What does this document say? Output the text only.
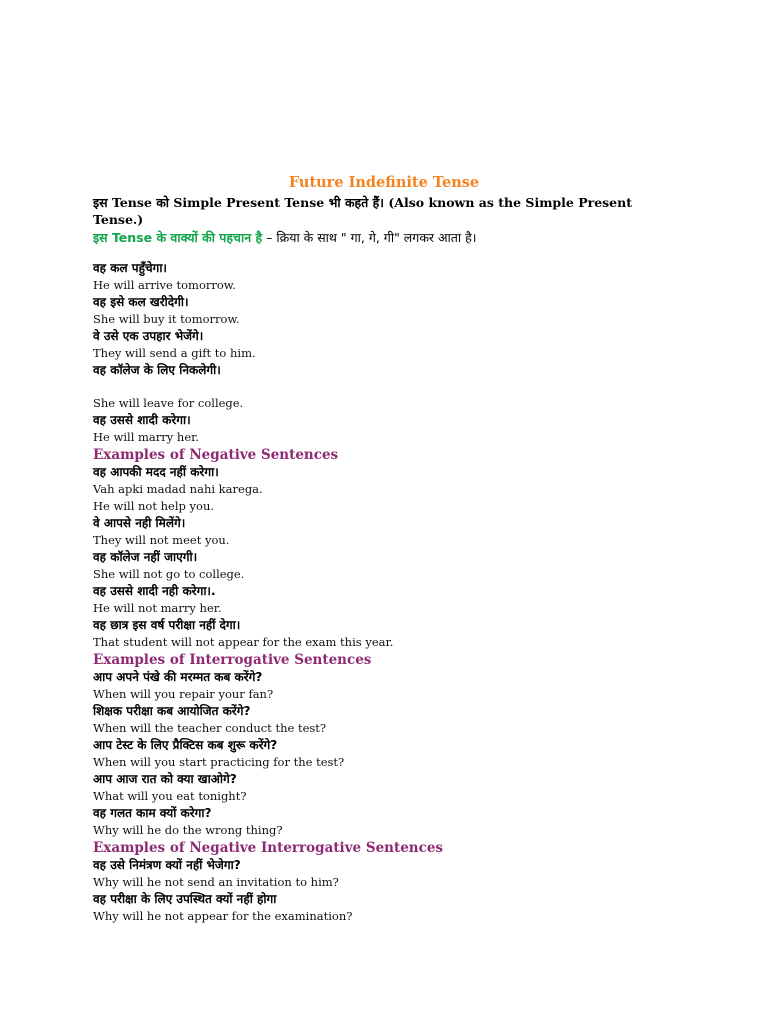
Future Indefinite Tense
इस Tense को Simple Present Tense भी कहते हैं। (Also known as the Simple Present Tense.)
इस Tense के वाक्यों की पहचान है – क्रिया के साथ " गा, गे, गी" लगकर आता है।
वह कल पहुँचेगा।
He will arrive tomorrow.
वह इसे कल खरीदेगी।
She will buy it tomorrow.
वे उसे एक उपहार भेजेंगे।
They will send a gift to him.
वह कॉलेज के लिए निकलेगी।
She will leave for college.
वह उससे शादी करेगा।
He will marry her.
Examples of Negative Sentences
वह आपकी मदद नहीं करेगा।
Vah apki madad nahi karega.
He will not help you.
वे आपसे नही मिलेंगे।
They will not meet you.
वह कॉलेज नहीं जाएगी।
She will not go to college.
वह उससे शादी नही करेगा।.
He will not marry her.
वह छात्र इस वर्ष परीक्षा नहीं देगा।
That student will not appear for the exam this year.
Examples of Interrogative Sentences
आप अपने पंखे की मरम्मत कब करेंगे?
When will you repair your fan?
शिक्षक परीक्षा कब आयोजित करेंगे?
When will the teacher conduct the test?
आप टेस्ट के लिए प्रैक्टिस कब शुरू करेंगे?
When will you start practicing for the test?
आप आज रात को क्या खाओगे?
What will you eat tonight?
वह गलत काम क्यों करेगा?
Why will he do the wrong thing?
Examples of Negative Interrogative Sentences
वह उसे निमंत्रण क्यों नहीं भेजेगा?
Why will he not send an invitation to him?
वह परीक्षा के लिए उपस्थित क्यों नहीं होगा
Why will he not appear for the examination?
